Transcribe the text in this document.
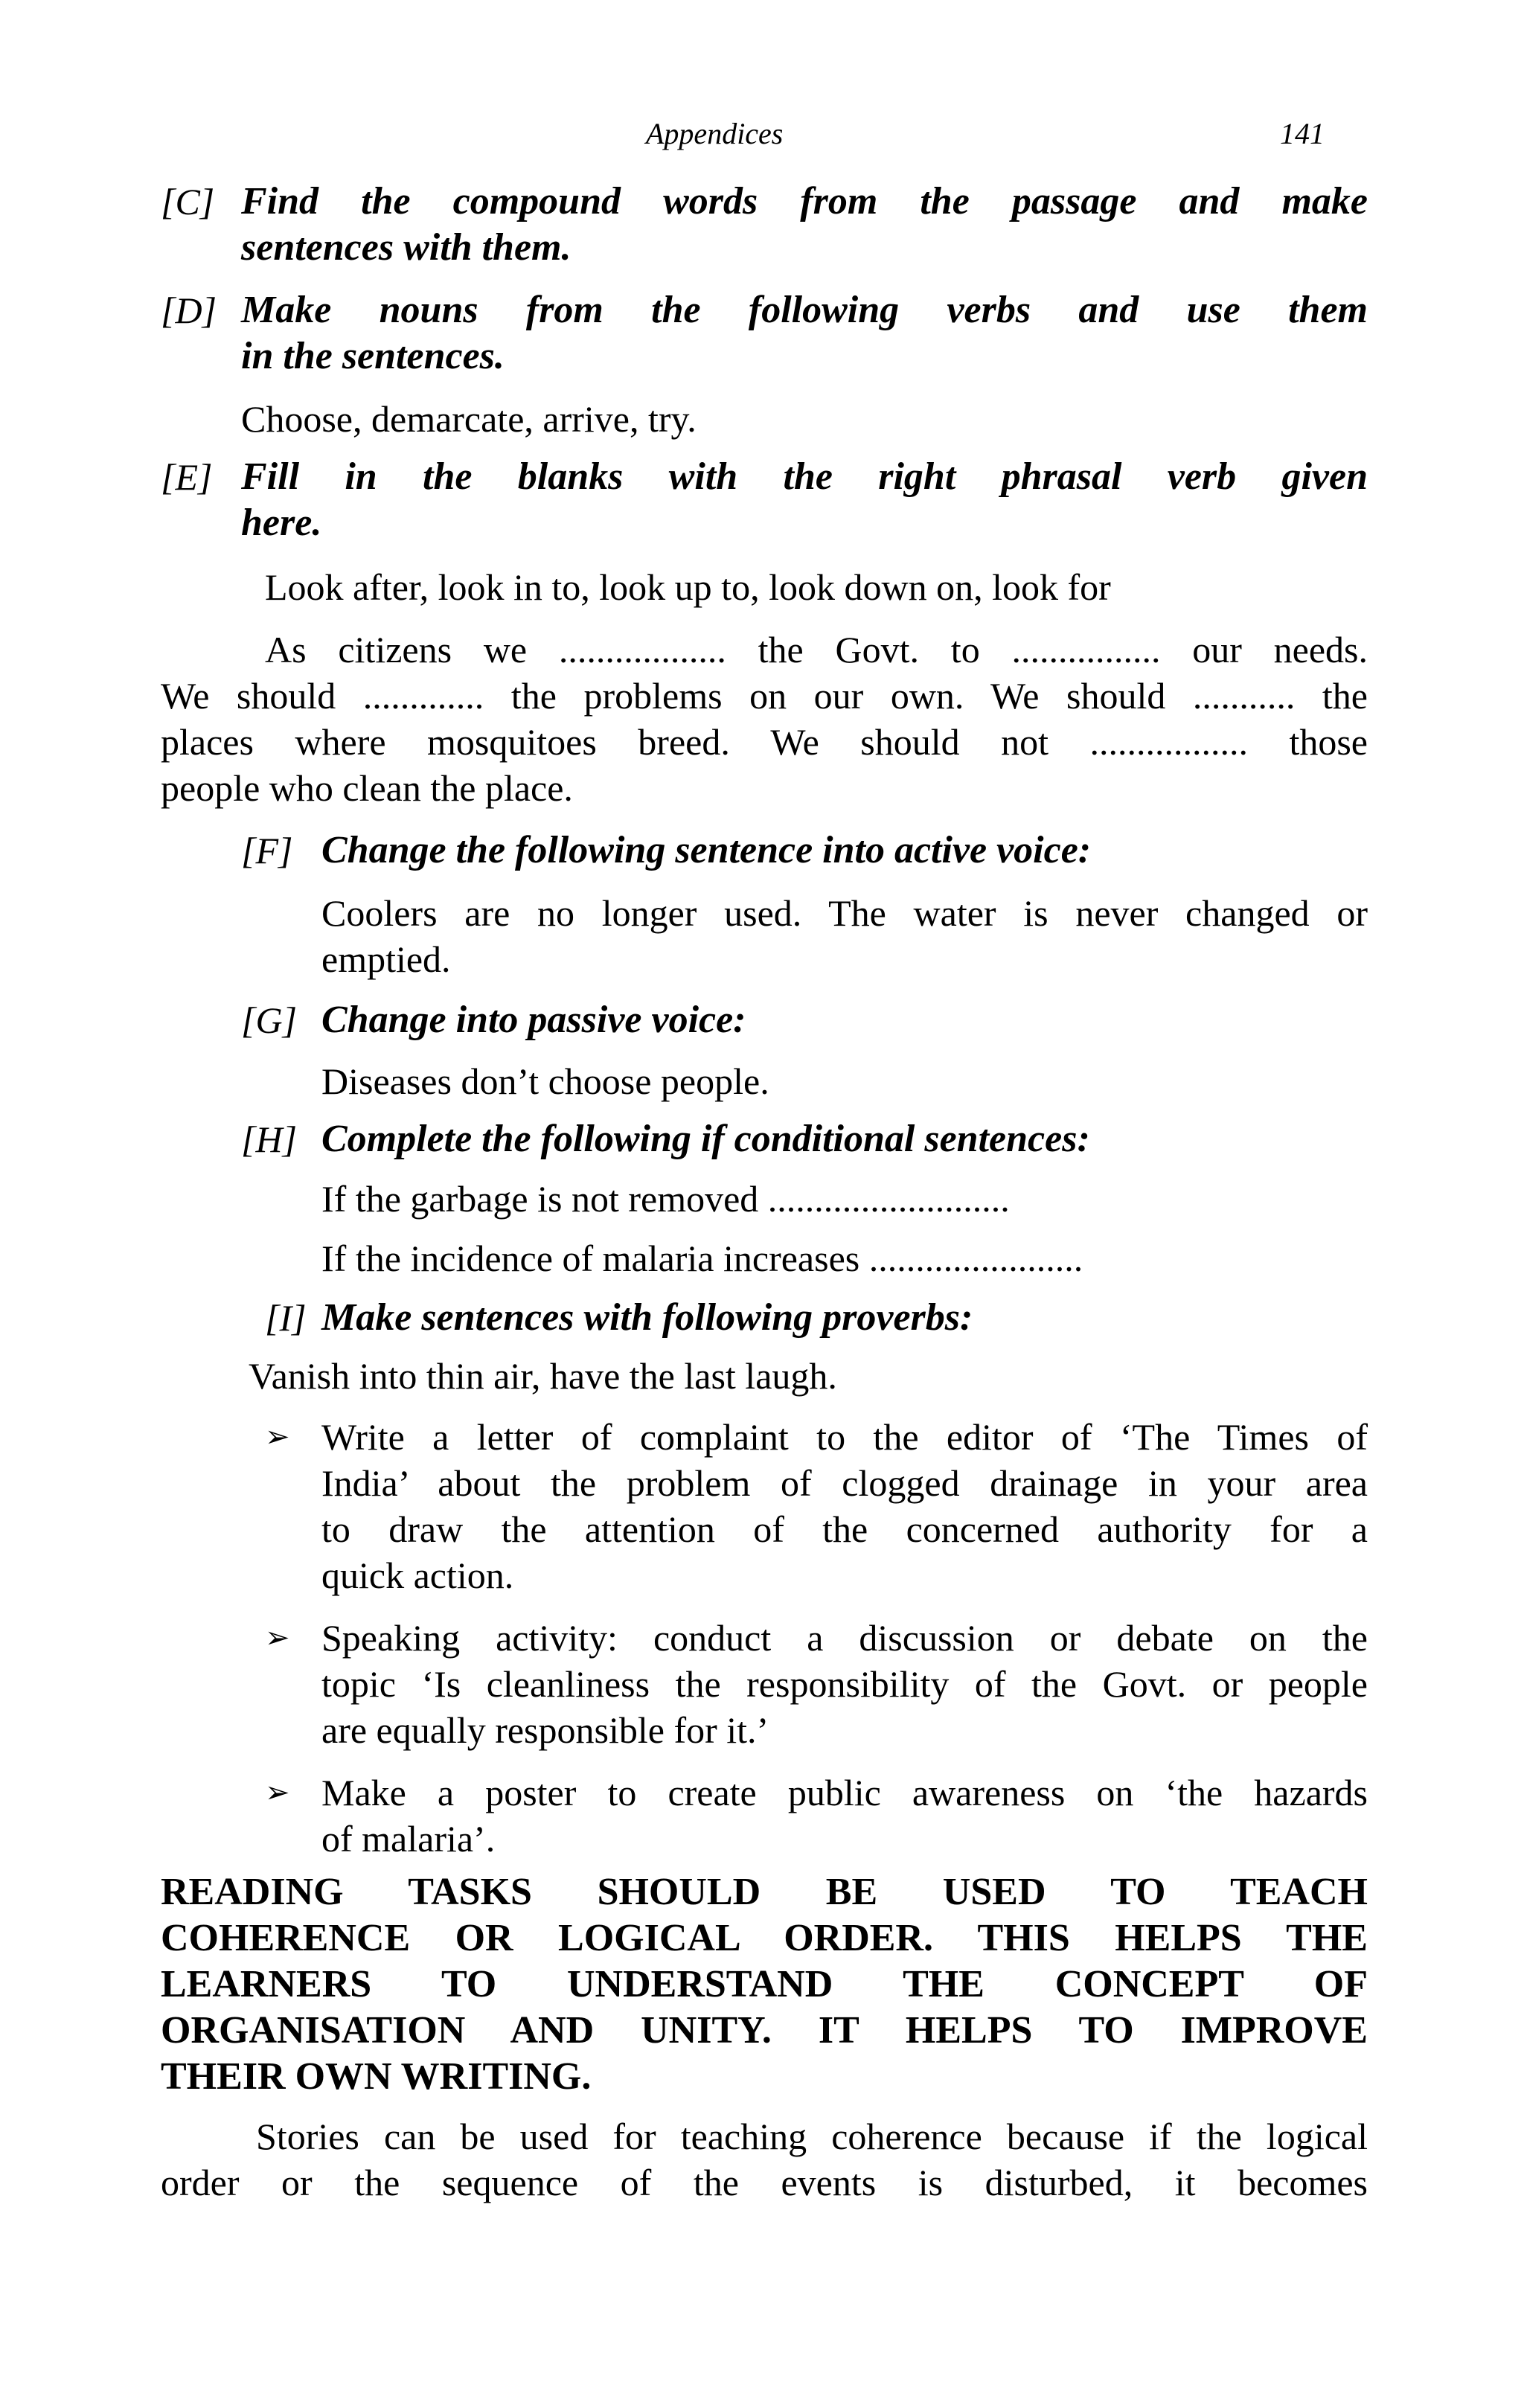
Appendices	141
[C] Find the compound words from the passage and make
sentences with them.
[D] Make nouns from the following verbs and use them
in the sentences.
Choose, demarcate, arrive, try.
[E] Fill in the blanks with the right phrasal verb given
here.
Look after, look in to, look up to, look down on, look for
As citizens we .................. the Govt. to ................ our needs.
We should ............. the problems on our own. We should ........... the
places where mosquitoes breed. We should not ................. those
people who clean the place.
[F] Change the following sentence into active voice:
Coolers are no longer used. The water is never changed or
emptied.
[G] Change into passive voice:
Diseases don’t choose people.
[H] Complete the following if conditional sentences:
If the garbage is not removed ..........................
If the incidence of malaria increases .......................
[I] Make sentences with following proverbs:
Vanish into thin air, have the last laugh.
➢ Write a letter of complaint to the editor of ‘The Times of
India’ about the problem of clogged drainage in your area
to draw the attention of the concerned authority for a
quick action.
➢ Speaking activity: conduct a discussion or debate on the
topic ‘Is cleanliness the responsibility of the Govt. or people
are equally responsible for it.’
➢ Make a poster to create public awareness on ‘the hazards
of malaria’.
READING TASKS SHOULD BE USED TO TEACH
COHERENCE OR LOGICAL ORDER. THIS HELPS THE
LEARNERS TO UNDERSTAND THE CONCEPT OF
ORGANISATION AND UNITY. IT HELPS TO IMPROVE
THEIR OWN WRITING.
Stories can be used for teaching coherence because if the logical
order or the sequence of the events is disturbed, it becomes
